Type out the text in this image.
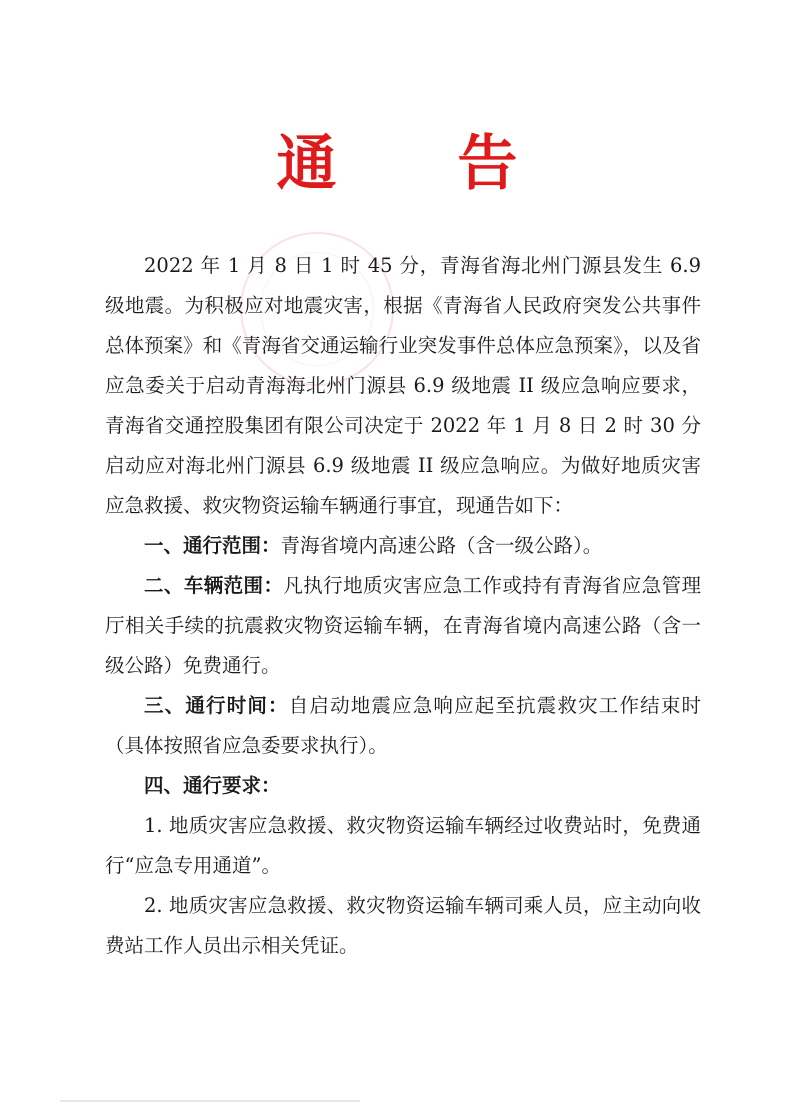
通 告

2022 年 1 月 8 日 1 时 45 分，青海省海北州门源县发生 6.9 级地震。为积极应对地震灾害，根据《青海省人民政府突发公共事件总体预案》和《青海省交通运输行业突发事件总体应急预案》，以及省应急委关于启动青海海北州门源县 6.9 级地震 II 级应急响应要求，青海省交通控股集团有限公司决定于 2022 年 1 月 8 日 2 时 30 分启动应对海北州门源县 6.9 级地震 II 级应急响应。为做好地质灾害应急救援、救灾物资运输车辆通行事宜，现通告如下：

一、通行范围：青海省境内高速公路（含一级公路）。

二、车辆范围：凡执行地质灾害应急工作或持有青海省应急管理厅相关手续的抗震救灾物资运输车辆，在青海省境内高速公路（含一级公路）免费通行。

三、通行时间：自启动地震应急响应起至抗震救灾工作结束时（具体按照省应急委要求执行）。

四、通行要求：

1. 地质灾害应急救援、救灾物资运输车辆经过收费站时，免费通行“应急专用通道”。

2. 地质灾害应急救援、救灾物资运输车辆司乘人员，应主动向收费站工作人员出示相关凭证。
